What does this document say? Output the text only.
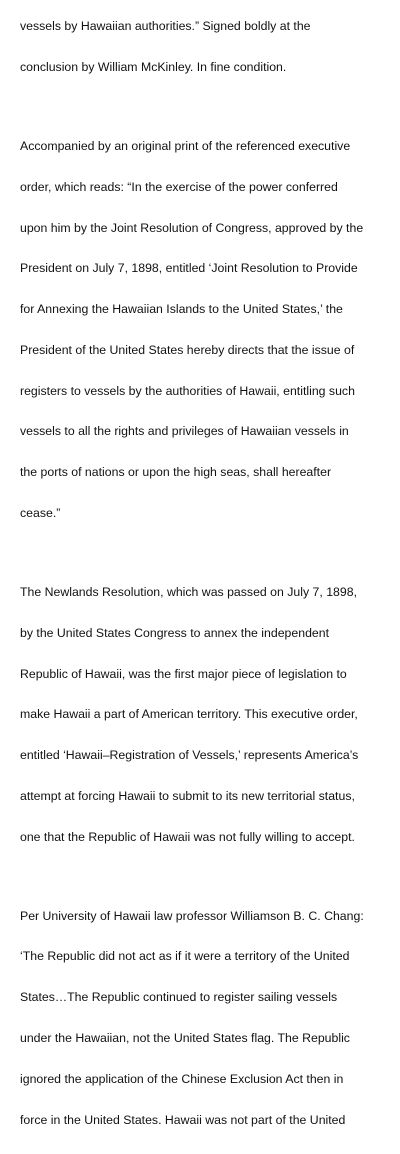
vessels by Hawaiian authorities.” Signed boldly at the

conclusion by William McKinley. In fine condition.

Accompanied by an original print of the referenced executive

order, which reads: “In the exercise of the power conferred

upon him by the Joint Resolution of Congress, approved by the

President on July 7, 1898, entitled ‘Joint Resolution to Provide

for Annexing the Hawaiian Islands to the United States,’ the

President of the United States hereby directs that the issue of

registers to vessels by the authorities of Hawaii, entitling such

vessels to all the rights and privileges of Hawaiian vessels in

the ports of nations or upon the high seas, shall hereafter

cease.”

The Newlands Resolution, which was passed on July 7, 1898,

by the United States Congress to annex the independent

Republic of Hawaii, was the first major piece of legislation to

make Hawaii a part of American territory. This executive order,

entitled ‘Hawaii–Registration of Vessels,’ represents America’s

attempt at forcing Hawaii to submit to its new territorial status,

one that the Republic of Hawaii was not fully willing to accept.

Per University of Hawaii law professor Williamson B. C. Chang:

‘The Republic did not act as if it were a territory of the United

States…The Republic continued to register sailing vessels

under the Hawaiian, not the United States flag. The Republic

ignored the application of the Chinese Exclusion Act then in

force in the United States. Hawaii was not part of the United
